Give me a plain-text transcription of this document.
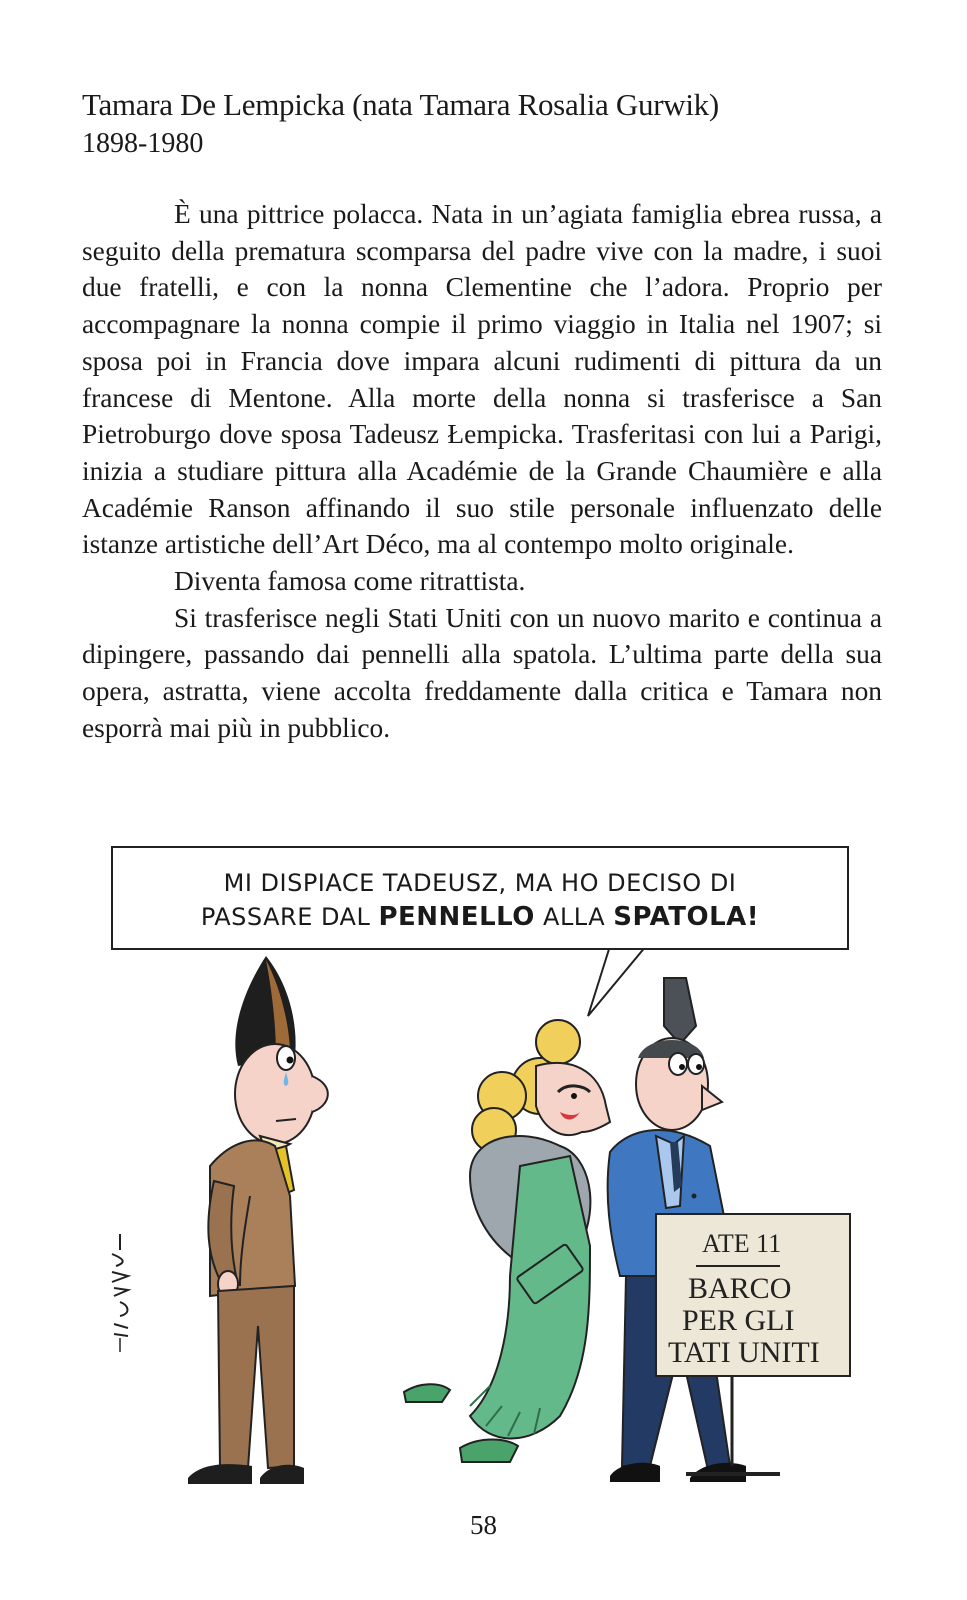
Tamara De Lempicka (nata Tamara Rosalia Gurwik)
1898-1980

È una pittrice polacca. Nata in un’agiata famiglia ebrea russa, a seguito della prematura scomparsa del padre vive con la madre, i suoi due fratelli, e con la nonna Clementine che l’adora. Proprio per accompagnare la nonna compie il primo viaggio in Italia nel 1907; si sposa poi in Francia dove impara alcuni rudimenti di pittura da un francese di Mentone. Alla morte della nonna si trasferisce a San Pietroburgo dove sposa Tadeusz Łempicka. Trasferitasi con lui a Parigi, inizia a studiare pittura alla Académie de la Grande Chaumière e alla Académie Ranson affinando il suo stile personale influenzato delle istanze artistiche dell’Art Déco, ma al contempo molto originale.

Diventa famosa come ritrattista.

Si trasferisce negli Stati Uniti con un nuovo marito e continua a dipingere, passando dai pennelli alla spatola. L’ultima parte della sua opera, astratta, viene accolta freddamente dalla critica e Tamara non esporrà mai più in pubblico.

ATE 11
BARCO
PER GLI
TATI UNITI
MI DISPIACE TADEUSZ, MA HO DECISO DI
PASSARE DAL PENNELLO ALLA SPATOLA!
58
